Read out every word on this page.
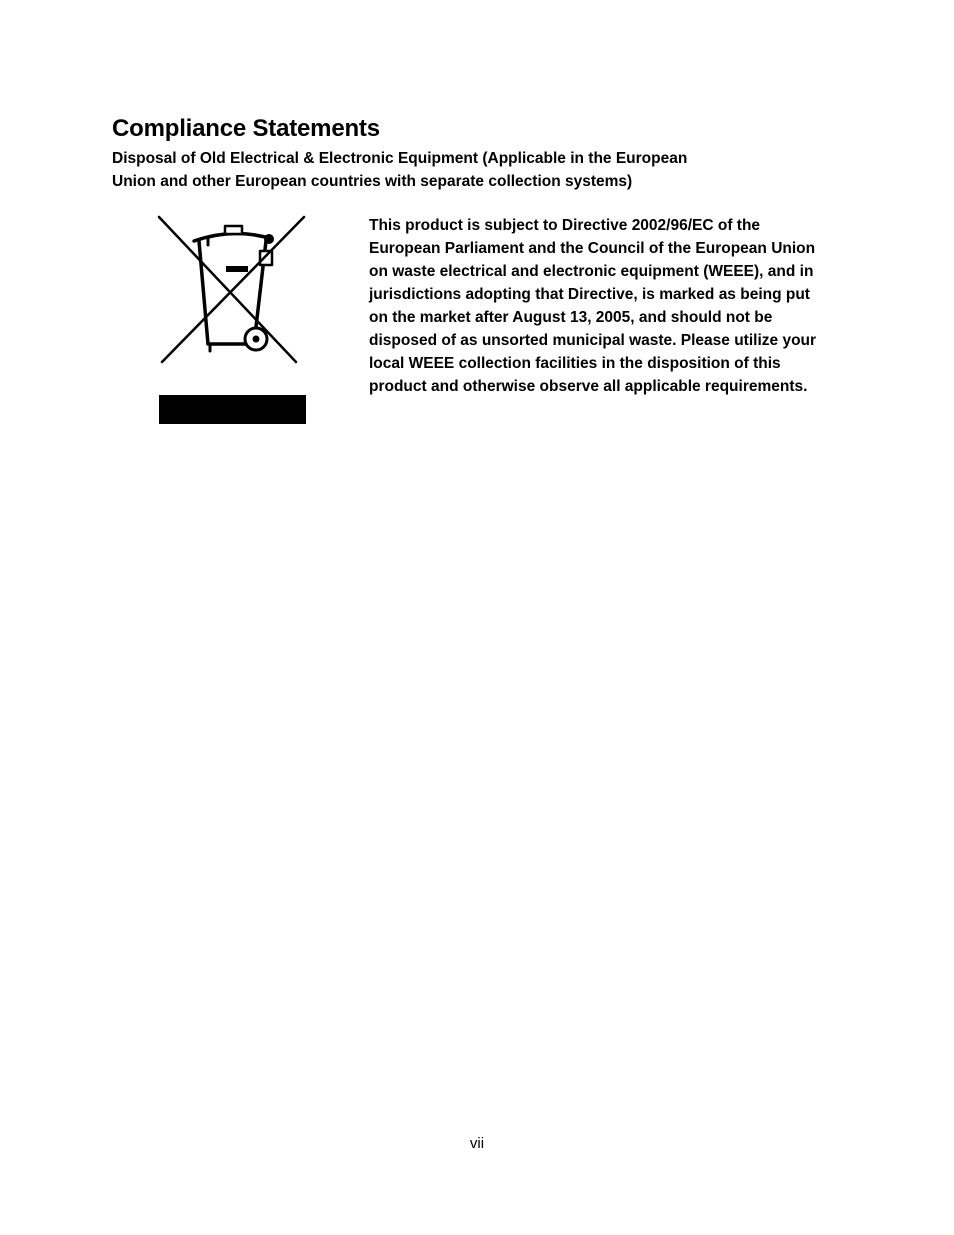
Compliance Statements

Disposal of Old Electrical & Electronic Equipment (Applicable in the European
Union and other European countries with separate collection systems)

This product is subject to Directive 2002/96/EC of the
European Parliament and the Council of the European Union
on waste electrical and electronic equipment (WEEE), and in
jurisdictions adopting that Directive, is marked as being put
on the market after August 13, 2005, and should not be
disposed of as unsorted municipal waste. Please utilize your
local WEEE collection facilities in the disposition of this
product and otherwise observe all applicable requirements.

vii
